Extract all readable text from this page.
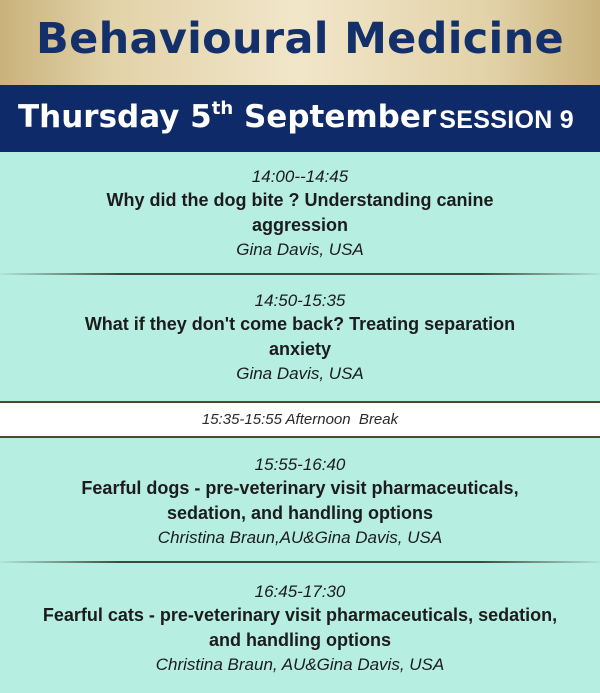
Behavioural Medicine
Thursday 5th September SESSION 9
14:00--14:45
Why did the dog bite ? Understanding canine aggression
Gina Davis, USA
14:50-15:35
What if they don't come back? Treating separation anxiety
Gina Davis, USA
15:35-15:55 Afternoon  Break
15:55-16:40
Fearful dogs - pre-veterinary visit pharmaceuticals, sedation, and handling options
Christina Braun,AU&Gina Davis, USA
16:45-17:30
Fearful cats - pre-veterinary visit pharmaceuticals, sedation, and handling options
Christina Braun, AU&Gina Davis, USA
